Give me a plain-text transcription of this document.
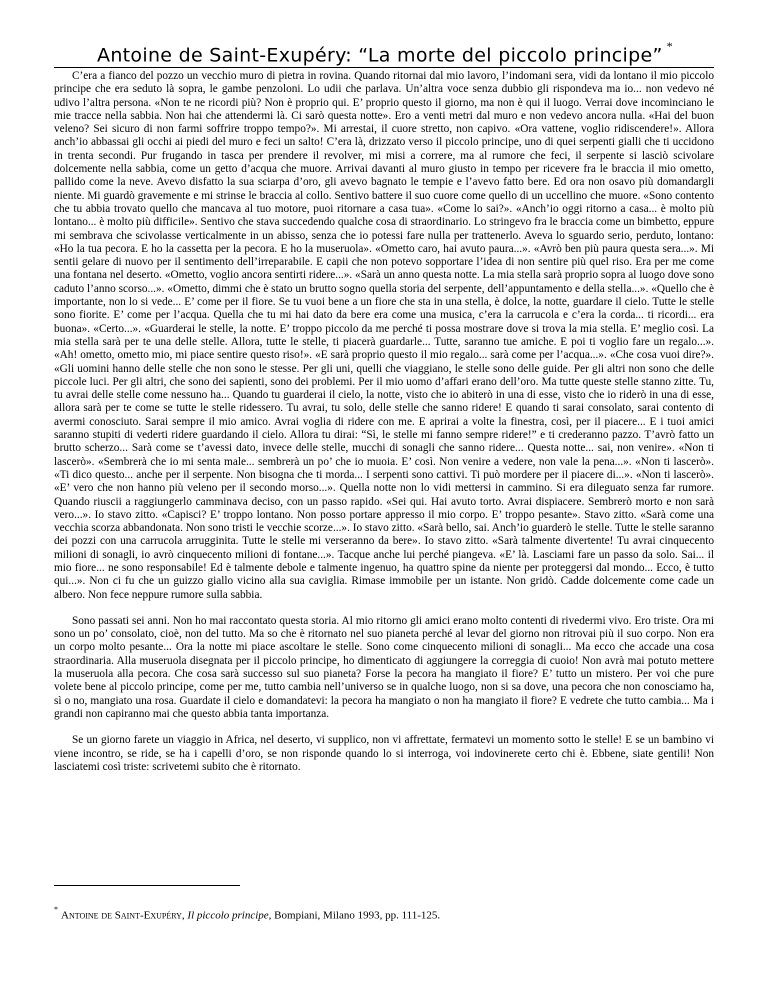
Antoine de Saint-Exupéry: “La morte del piccolo principe” *

C’era a fianco del pozzo un vecchio muro di pietra in rovina. Quando ritornai dal mio lavoro, l’indomani sera, vidi da lontano il mio piccolo principe che era seduto là sopra, le gambe penzoloni. Lo udii che parlava. Un’altra voce senza dubbio gli rispondeva ma io... non vedevo né udivo l’altra persona. «Non te ne ricordi più? Non è proprio qui. E’ proprio questo il giorno, ma non è qui il luogo. Verrai dove incominciano le mie tracce nella sabbia. Non hai che attendermi là. Ci sarò questa notte». Ero a venti metri dal muro e non vedevo ancora nulla. «Hai del buon veleno? Sei sicuro di non farmi soffrire troppo tempo?». Mi arrestai, il cuore stretto, non capivo. «Ora vattene, voglio ridiscendere!». Allora anch’io abbassai gli occhi ai piedi del muro e feci un salto! C’era là, drizzato verso il piccolo principe, uno di quei serpenti gialli che ti uccidono in trenta secondi. Pur frugando in tasca per prendere il revolver, mi misi a correre, ma al rumore che feci, il serpente si lasciò scivolare dolcemente nella sabbia, come un getto d’acqua che muore. Arrivai davanti al muro giusto in tempo per ricevere fra le braccia il mio ometto, pallido come la neve. Avevo disfatto la sua sciarpa d’oro, gli avevo bagnato le tempie e l’avevo fatto bere. Ed ora non osavo più domandargli niente. Mi guardò gravemente e mi strinse le braccia al collo. Sentivo battere il suo cuore come quello di un uccellino che muore. «Sono contento che tu abbia trovato quello che mancava al tuo motore, puoi ritornare a casa tua». «Come lo sai?». «Anch’io oggi ritorno a casa... è molto più lontano... è molto più difficile». Sentivo che stava succedendo qualche cosa di straordinario. Lo stringevo fra le braccia come un bimbetto, eppure mi sembrava che scivolasse verticalmente in un abisso, senza che io potessi fare nulla per trattenerlo. Aveva lo sguardo serio, perduto, lontano: «Ho la tua pecora. E ho la cassetta per la pecora. E ho la museruola». «Ometto caro, hai avuto paura...». «Avrò ben più paura questa sera...». Mi sentii gelare di nuovo per il sentimento dell’irreparabile. E capii che non potevo sopportare l’idea di non sentire più quel riso. Era per me come una fontana nel deserto. «Ometto, voglio ancora sentirti ridere...». «Sarà un anno questa notte. La mia stella sarà proprio sopra al luogo dove sono caduto l’anno scorso...». «Ometto, dimmi che è stato un brutto sogno quella storia del serpente, dell’appuntamento e della stella...». «Quello che è importante, non lo si vede... E’ come per il fiore. Se tu vuoi bene a un fiore che sta in una stella, è dolce, la notte, guardare il cielo. Tutte le stelle sono fiorite. E’ come per l’acqua. Quella che tu mi hai dato da bere era come una musica, c’era la carrucola e c’era la corda... ti ricordi... era buona». «Certo...». «Guarderai le stelle, la notte. E’ troppo piccolo da me perché ti possa mostrare dove si trova la mia stella. E’ meglio così. La mia stella sarà per te una delle stelle. Allora, tutte le stelle, ti piacerà guardarle... Tutte, saranno tue amiche. E poi ti voglio fare un regalo...». «Ah! ometto, ometto mio, mi piace sentire questo riso!». «E sarà proprio questo il mio regalo... sarà come per l’acqua...». «Che cosa vuoi dire?». «Gli uomini hanno delle stelle che non sono le stesse. Per gli uni, quelli che viaggiano, le stelle sono delle guide. Per gli altri non sono che delle piccole luci. Per gli altri, che sono dei sapienti, sono dei problemi. Per il mio uomo d’affari erano dell’oro. Ma tutte queste stelle stanno zitte. Tu, tu avrai delle stelle come nessuno ha... Quando tu guarderai il cielo, la notte, visto che io abiterò in una di esse, visto che io riderò in una di esse, allora sarà per te come se tutte le stelle ridessero. Tu avrai, tu solo, delle stelle che sanno ridere! E quando ti sarai consolato, sarai contento di avermi conosciuto. Sarai sempre il mio amico. Avrai voglia di ridere con me. E aprirai a volte la finestra, così, per il piacere... E i tuoi amici saranno stupiti di vederti ridere guardando il cielo. Allora tu dirai: “Sì, le stelle mi fanno sempre ridere!” e ti crederanno pazzo. T’avrò fatto un brutto scherzo... Sarà come se t’avessi dato, invece delle stelle, mucchi di sonagli che sanno ridere... Questa notte... sai, non venire». «Non ti lascerò». «Sembrerà che io mi senta male... sembrerà un po’ che io muoia. E’ così. Non venire a vedere, non vale la pena...». «Non ti lascerò». «Ti dico questo... anche per il serpente. Non bisogna che ti morda... I serpenti sono cattivi. Ti può mordere per il piacere di...». «Non ti lascerò». «E’ vero che non hanno più veleno per il secondo morso...». Quella notte non lo vidi mettersi in cammino. Si era dileguato senza far rumore. Quando riuscii a raggiungerlo camminava deciso, con un passo rapido. «Sei qui. Hai avuto torto. Avrai dispiacere. Sembrerò morto e non sarà vero...». Io stavo zitto. «Capisci? E’ troppo lontano. Non posso portare appresso il mio corpo. E’ troppo pesante». Stavo zitto. «Sarà come una vecchia scorza abbandonata. Non sono tristi le vecchie scorze...». Io stavo zitto. «Sarà bello, sai. Anch’io guarderò le stelle. Tutte le stelle saranno dei pozzi con una carrucola arrugginita. Tutte le stelle mi verseranno da bere». Io stavo zitto. «Sarà talmente divertente! Tu avrai cinquecento milioni di sonagli, io avrò cinquecento milioni di fontane...». Tacque anche lui perché piangeva. «E’ là. Lasciami fare un passo da solo. Sai... il mio fiore... ne sono responsabile! Ed è talmente debole e talmente ingenuo, ha quattro spine da niente per proteggersi dal mondo... Ecco, è tutto qui...». Non ci fu che un guizzo giallo vicino alla sua caviglia. Rimase immobile per un istante. Non gridò. Cadde dolcemente come cade un albero. Non fece neppure rumore sulla sabbia.

Sono passati sei anni. Non ho mai raccontato questa storia. Al mio ritorno gli amici erano molto contenti di rivedermi vivo. Ero triste. Ora mi sono un po’ consolato, cioè, non del tutto. Ma so che è ritornato nel suo pianeta perché al levar del giorno non ritrovai più il suo corpo. Non era un corpo molto pesante... Ora la notte mi piace ascoltare le stelle. Sono come cinquecento milioni di sonagli... Ma ecco che accade una cosa straordinaria. Alla museruola disegnata per il piccolo principe, ho dimenticato di aggiungere la correggia di cuoio! Non avrà mai potuto mettere la museruola alla pecora. Che cosa sarà successo sul suo pianeta? Forse la pecora ha mangiato il fiore? E’ tutto un mistero. Per voi che pure volete bene al piccolo principe, come per me, tutto cambia nell’universo se in qualche luogo, non si sa dove, una pecora che non conosciamo ha, sì o no, mangiato una rosa. Guardate il cielo e domandatevi: la pecora ha mangiato o non ha mangiato il fiore? E vedrete che tutto cambia... Ma i grandi non capiranno mai che questo abbia tanta importanza.

Se un giorno farete un viaggio in Africa, nel deserto, vi supplico, non vi affrettate, fermatevi un momento sotto le stelle! E se un bambino vi viene incontro, se ride, se ha i capelli d’oro, se non risponde quando lo si interroga, voi indovinerete certo chi è. Ebbene, siate gentili! Non lasciatemi così triste: scrivetemi subito che è ritornato.

*Antoine de Saint-Exupéry, Il piccolo principe, Bompiani, Milano 1993, pp. 111-125.
